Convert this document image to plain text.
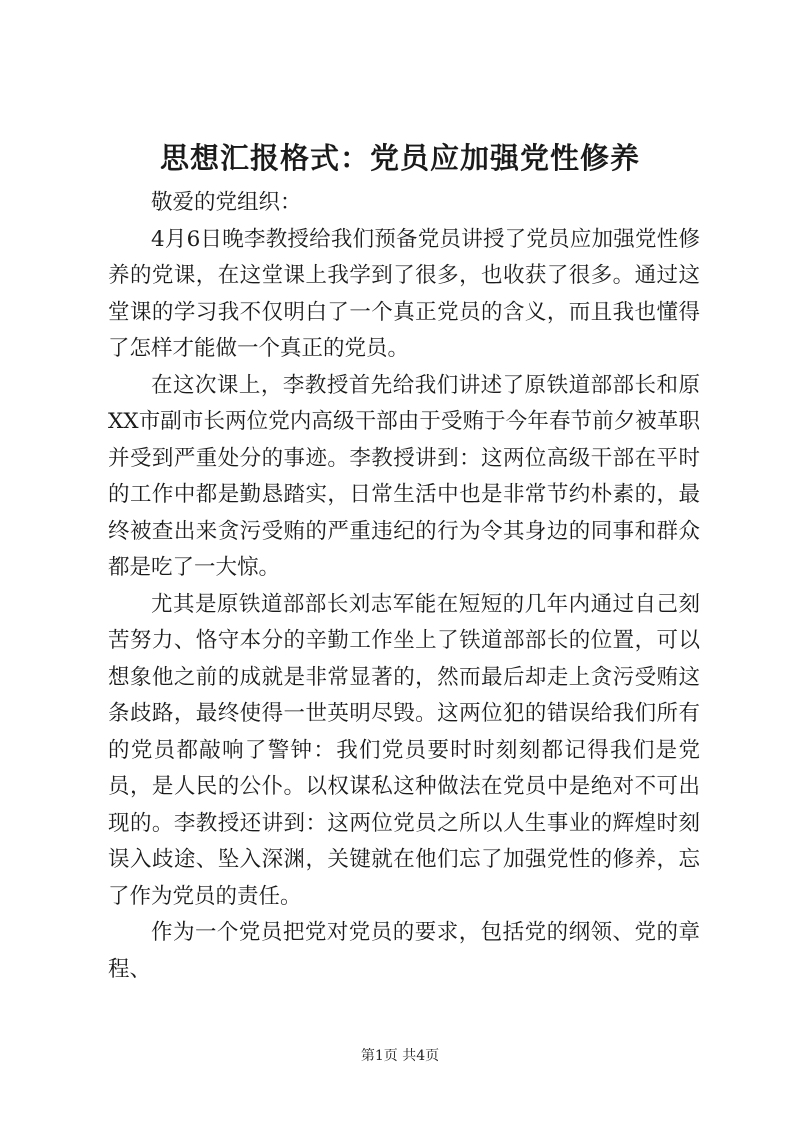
思想汇报格式：党员应加强党性修养

敬爱的党组织：

4月6日晚李教授给我们预备党员讲授了党员应加强党性修养的党课，在这堂课上我学到了很多，也收获了很多。通过这堂课的学习我不仅明白了一个真正党员的含义，而且我也懂得了怎样才能做一个真正的党员。

在这次课上，李教授首先给我们讲述了原铁道部部长和原XX市副市长两位党内高级干部由于受贿于今年春节前夕被革职并受到严重处分的事迹。李教授讲到：这两位高级干部在平时的工作中都是勤恳踏实，日常生活中也是非常节约朴素的，最终被查出来贪污受贿的严重违纪的行为令其身边的同事和群众都是吃了一大惊。

尤其是原铁道部部长刘志军能在短短的几年内通过自己刻苦努力、恪守本分的辛勤工作坐上了铁道部部长的位置，可以想象他之前的成就是非常显著的，然而最后却走上贪污受贿这条歧路，最终使得一世英明尽毁。这两位犯的错误给我们所有的党员都敲响了警钟：我们党员要时时刻刻都记得我们是党员，是人民的公仆。以权谋私这种做法在党员中是绝对不可出现的。李教授还讲到：这两位党员之所以人生事业的辉煌时刻误入歧途、坠入深渊，关键就在他们忘了加强党性的修养，忘了作为党员的责任。

作为一个党员把党对党员的要求，包括党的纲领、党的章程、

第1页 共4页
